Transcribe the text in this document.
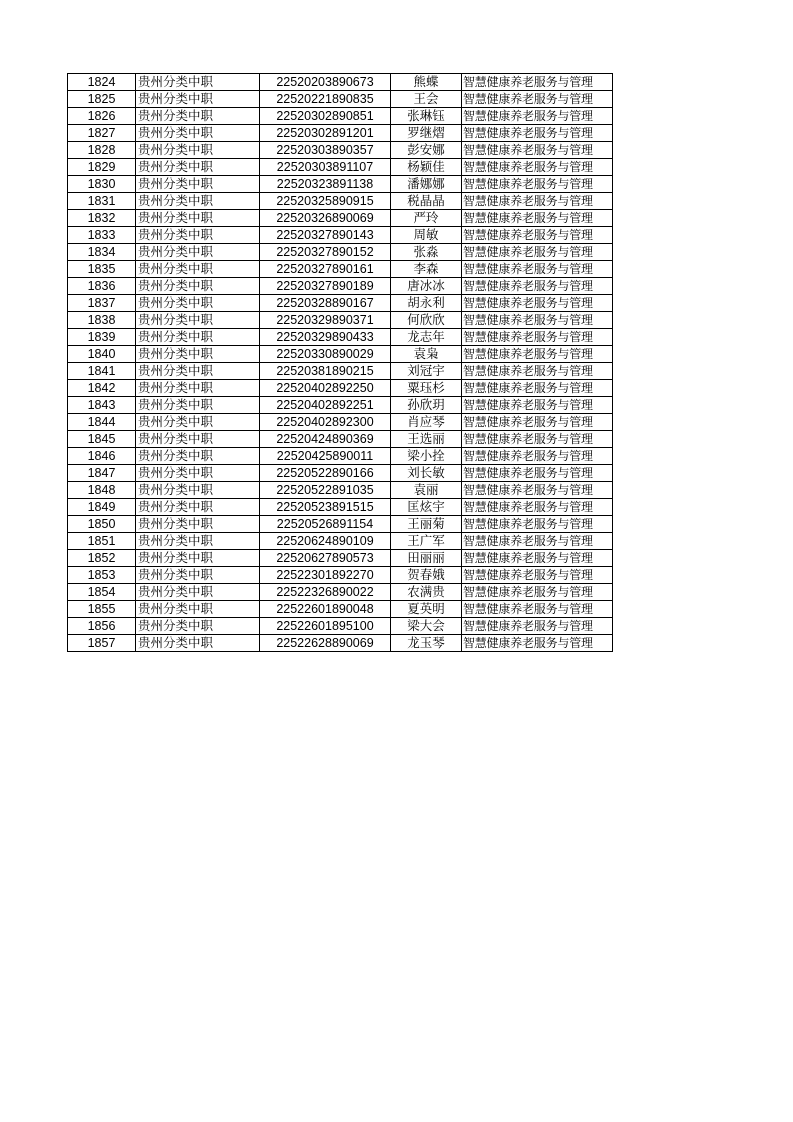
1824	贵州分类中职	22520203890673	熊蝶	智慧健康养老服务与管理
1825	贵州分类中职	22520221890835	王会	智慧健康养老服务与管理
1826	贵州分类中职	22520302890851	张琳钰	智慧健康养老服务与管理
1827	贵州分类中职	22520302891201	罗继熠	智慧健康养老服务与管理
1828	贵州分类中职	22520303890357	彭安娜	智慧健康养老服务与管理
1829	贵州分类中职	22520303891107	杨颖佳	智慧健康养老服务与管理
1830	贵州分类中职	22520323891138	潘娜娜	智慧健康养老服务与管理
1831	贵州分类中职	22520325890915	税晶晶	智慧健康养老服务与管理
1832	贵州分类中职	22520326890069	严玲	智慧健康养老服务与管理
1833	贵州分类中职	22520327890143	周敏	智慧健康养老服务与管理
1834	贵州分类中职	22520327890152	张淼	智慧健康养老服务与管理
1835	贵州分类中职	22520327890161	李森	智慧健康养老服务与管理
1836	贵州分类中职	22520327890189	唐冰冰	智慧健康养老服务与管理
1837	贵州分类中职	22520328890167	胡永利	智慧健康养老服务与管理
1838	贵州分类中职	22520329890371	何欣欣	智慧健康养老服务与管理
1839	贵州分类中职	22520329890433	龙志年	智慧健康养老服务与管理
1840	贵州分类中职	22520330890029	袁枭	智慧健康养老服务与管理
1841	贵州分类中职	22520381890215	刘冠宇	智慧健康养老服务与管理
1842	贵州分类中职	22520402892250	粟珏杉	智慧健康养老服务与管理
1843	贵州分类中职	22520402892251	孙欣玥	智慧健康养老服务与管理
1844	贵州分类中职	22520402892300	肖应琴	智慧健康养老服务与管理
1845	贵州分类中职	22520424890369	王选丽	智慧健康养老服务与管理
1846	贵州分类中职	22520425890011	梁小拴	智慧健康养老服务与管理
1847	贵州分类中职	22520522890166	刘长敏	智慧健康养老服务与管理
1848	贵州分类中职	22520522891035	袁丽	智慧健康养老服务与管理
1849	贵州分类中职	22520523891515	匡炫宇	智慧健康养老服务与管理
1850	贵州分类中职	22520526891154	王丽菊	智慧健康养老服务与管理
1851	贵州分类中职	22520624890109	王广军	智慧健康养老服务与管理
1852	贵州分类中职	22520627890573	田丽丽	智慧健康养老服务与管理
1853	贵州分类中职	22522301892270	贺春娥	智慧健康养老服务与管理
1854	贵州分类中职	22522326890022	农满贵	智慧健康养老服务与管理
1855	贵州分类中职	22522601890048	夏英明	智慧健康养老服务与管理
1856	贵州分类中职	22522601895100	梁大会	智慧健康养老服务与管理
1857	贵州分类中职	22522628890069	龙玉琴	智慧健康养老服务与管理
